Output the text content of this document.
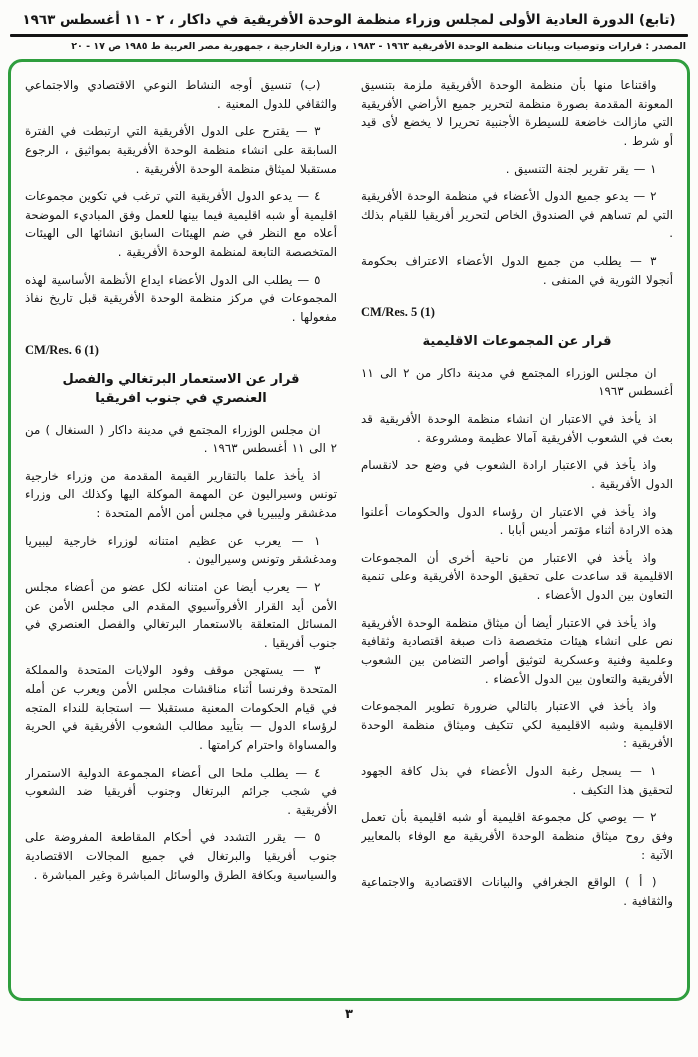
(تابع) الدورة العادية الأولى لمجلس وزراء منظمة الوحدة الأفريقية في داكار ، ٢ - ١١ أغسطس ١٩٦٣
المصدر : قرارات وتوصيات وبيانات منظمة الوحدة الأفريقية ١٩٦٣ - ١٩٨٣ ، وزارة الخارجية ، جمهورية مصر العربية ط ١٩٨٥ ص ١٧ - ٢٠

واقتناعا منها بأن منظمة الوحدة الأفريقية ملزمة بتنسيق المعونة المقدمة بصورة منظمة لتحرير جميع الأراضي الأفريقية التي مازالت خاضعة للسيطرة الأجنبية تحريرا لا يخضع لأى قيد أو شرط .

١ — يقر تقرير لجنة التنسيق .

٢ — يدعو جميع الدول الأعضاء في منظمة الوحدة الأفريقية التي لم تساهم في الصندوق الخاص لتحرير أفريقيا للقيام بذلك .

٣ — يطلب من جميع الدول الأعضاء الاعتراف بحكومة أنجولا الثورية في المنفى .

CM/Res. 5 (1)
قرار عن المجموعات الاقليمية

ان مجلس الوزراء المجتمع في مدينة داكار من ٢ الى ١١ أغسطس ١٩٦٣

اذ يأخذ في الاعتبار ان انشاء منظمة الوحدة الأفريقية قد بعث في الشعوب الأفريقية آمالا عظيمة ومشروعة .

واذ يأخذ في الاعتبار ارادة الشعوب في وضع حد لانقسام الدول الأفريقية .

واذ يأخذ في الاعتبار ان رؤساء الدول والحكومات أعلنوا هذه الارادة أثناء مؤتمر أديس أبابا .

واذ يأخذ في الاعتبار من ناحية أخرى أن المجموعات الاقليمية قد ساعدت على تحقيق الوحدة الأفريقية وعلى تنمية التعاون بين الدول الأعضاء .

واذ يأخذ في الاعتبار أيضا أن ميثاق منظمة الوحدة الأفريقية نص على انشاء هيئات متخصصة ذات صبغة اقتصادية وثقافية وعلمية وفنية وعسكرية لتوثيق أواصر التضامن بين الشعوب الأفريقية والتعاون بين الدول الأعضاء .

واذ يأخذ في الاعتبار بالتالي ضرورة تطوير المجموعات الاقليمية وشبه الاقليمية لكي تتكيف وميثاق منظمة الوحدة الأفريقية :

١ — يسجل رغبة الدول الأعضاء في بذل كافة الجهود لتحقيق هذا التكيف .

٢ — يوصي كل مجموعة اقليمية أو شبه اقليمية بأن تعمل وفق روح ميثاق منظمة الوحدة الأفريقية مع الوفاء بالمعايير الآتية :

( أ ) الواقع الجغرافي والبيانات الاقتصادية والاجتماعية والثقافية .

(ب) تنسيق أوجه النشاط النوعي الاقتصادي والاجتماعي والثقافي للدول المعنية .

٣ — يقترح على الدول الأفريقية التي ارتبطت في الفترة السابقة على انشاء منظمة الوحدة الأفريقية بمواثيق ، الرجوع مستقبلا لميثاق منظمة الوحدة الأفريقية .

٤ — يدعو الدول الأفريقية التي ترغب في تكوين مجموعات اقليمية أو شبه اقليمية فيما بينها للعمل وفق المباديء الموضحة أعلاه مع النظر في ضم الهيئات السابق انشائها الى الهيئات المتخصصة التابعة لمنظمة الوحدة الأفريقية .

٥ — يطلب الى الدول الأعضاء ايداع الأنظمة الأساسية لهذه المجموعات في مركز منظمة الوحدة الأفريقية قبل تاريخ نفاذ مفعولها .

CM/Res. 6 (1)
قرار عن الاستعمار البرتغالي والفصل العنصري في جنوب افريقيا

ان مجلس الوزراء المجتمع في مدينة داكار ( السنغال ) من ٢ الى ١١ أغسطس ١٩٦٣ .

اذ يأخذ علما بالتقارير القيمة المقدمة من وزراء خارجية تونس وسيراليون عن المهمة الموكلة اليها وكذلك الى وزراء مدغشقر وليبيريا في مجلس أمن الأمم المتحدة :

١ — يعرب عن عظيم امتنانه لوزراء خارجية ليبيريا ومدغشقر وتونس وسيراليون .

٢ — يعرب أيضا عن امتنانه لكل عضو من أعضاء مجلس الأمن أيد القرار الأفروآسيوي المقدم الى مجلس الأمن عن المسائل المتعلقة بالاستعمار البرتغالي والفصل العنصري في جنوب أفريقيا .

٣ — يستهجن موقف وفود الولايات المتحدة والمملكة المتحدة وفرنسا أثناء مناقشات مجلس الأمن ويعرب عن أمله في قيام الحكومات المعنية مستقبلا — استجابة للنداء المتجه لرؤساء الدول — بتأييد مطالب الشعوب الأفريقية في الحرية والمساواة واحترام كرامتها .

٤ — يطلب ملحا الى أعضاء المجموعة الدولية الاستمرار في شجب جرائم البرتغال وجنوب أفريقيا ضد الشعوب الأفريقية .

٥ — يقرر التشدد في أحكام المقاطعة المفروضة على جنوب أفريقيا والبرتغال في جميع المجالات الاقتصادية والسياسية وبكافة الطرق والوسائل المباشرة وغير المباشرة .

٣
